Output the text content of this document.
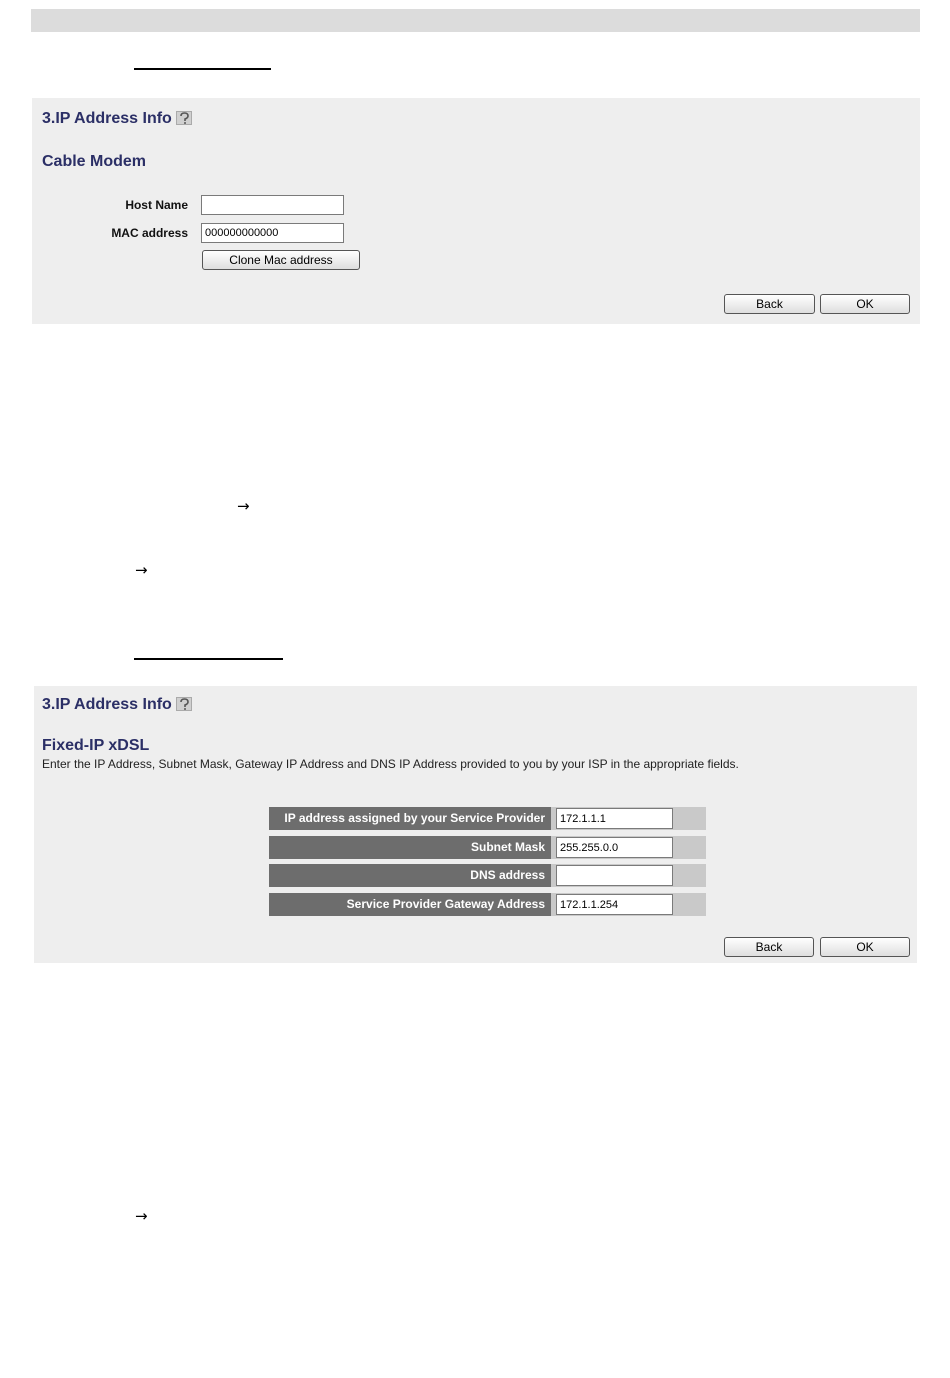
3.IP Address Info
Cable Modem
Host Name
MAC address
000000000000
Clone Mac address
Back	OK
→
→
3.IP Address Info
Fixed-IP xDSL
Enter the IP Address, Subnet Mask, Gateway IP Address and DNS IP Address provided to you by your ISP in the appropriate fields.
IP address assigned by your Service Provider
172.1.1.1
Subnet Mask
255.255.0.0
DNS address
Service Provider Gateway Address
172.1.1.254
Back	OK
→
